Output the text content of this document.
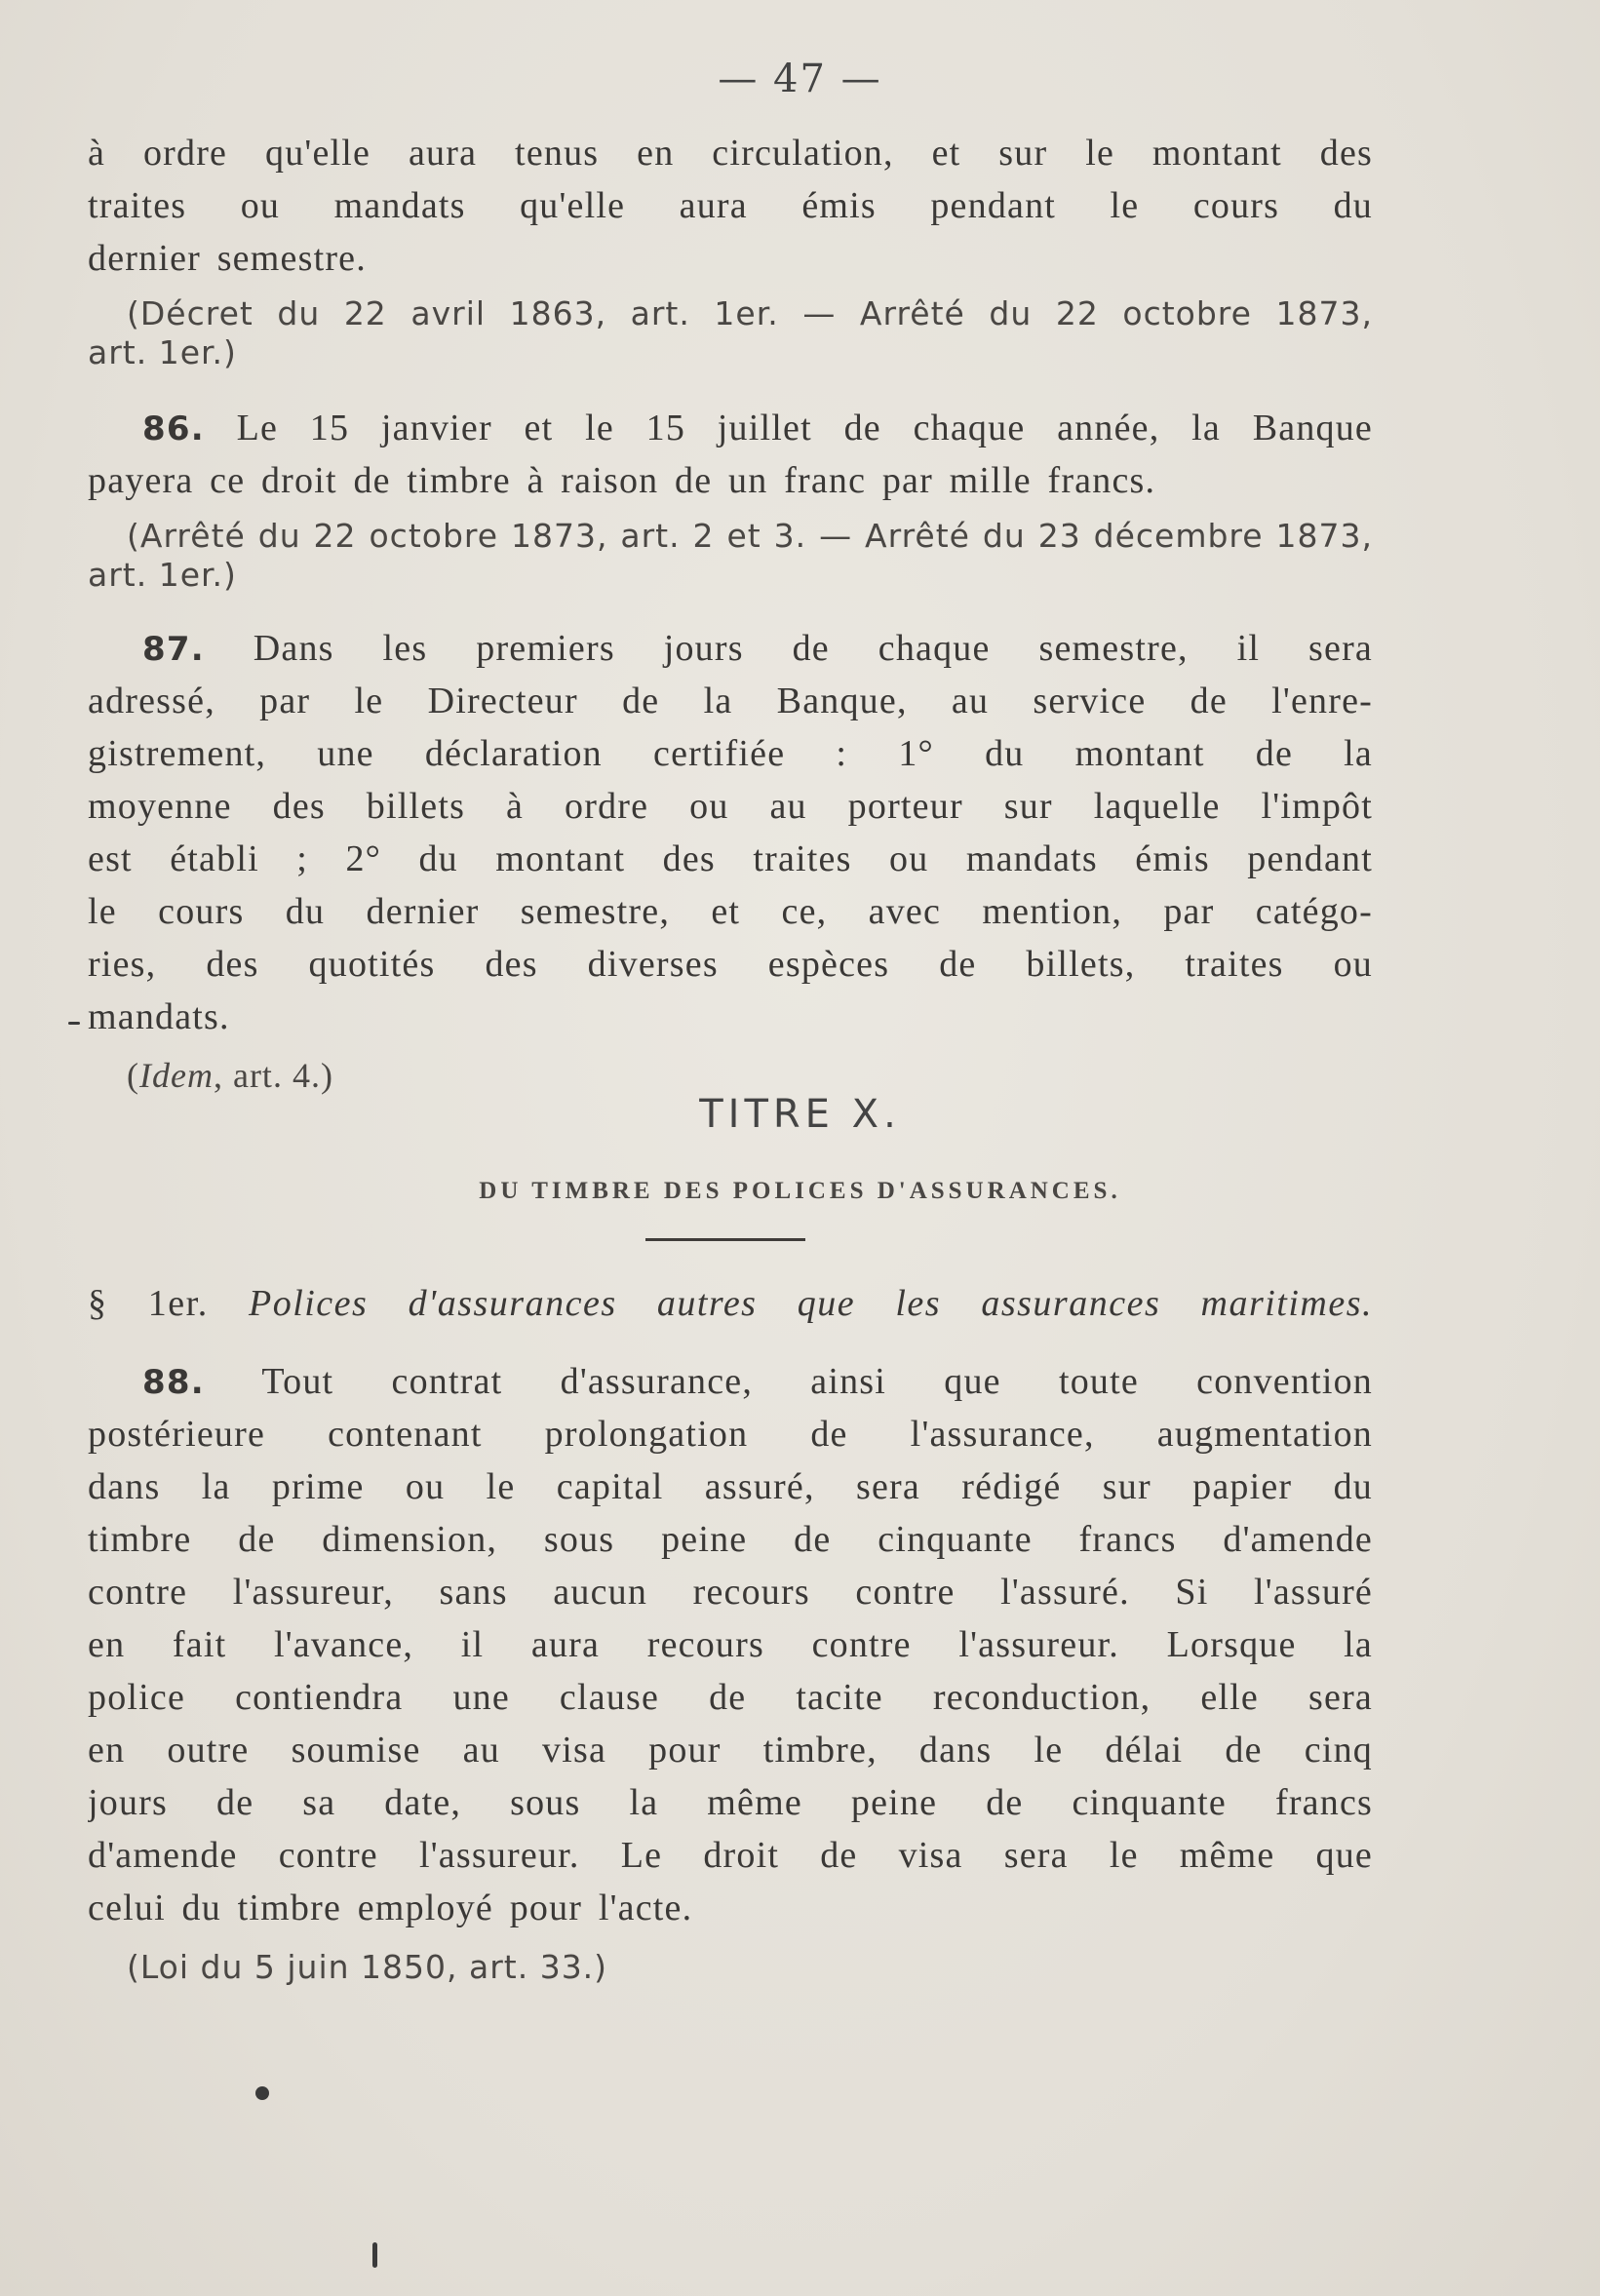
— 47 —
à ordre qu'elle aura tenus en circulation, et sur le montant des
traites ou mandats qu'elle aura émis pendant le cours du
dernier semestre.
(Décret du 22 avril 1863, art. 1er. — Arrêté du 22 octobre 1873,
art. 1er.)
86. Le 15 janvier et le 15 juillet de chaque année, la Banque
payera ce droit de timbre à raison de un franc par mille francs.
(Arrêté du 22 octobre 1873, art. 2 et 3. — Arrêté du 23 décembre 1873,
art. 1er.)
87. Dans les premiers jours de chaque semestre, il sera
adressé, par le Directeur de la Banque, au service de l'enre-
gistrement, une déclaration certifiée : 1° du montant de la
moyenne des billets à ordre ou au porteur sur laquelle l'impôt
est établi ; 2° du montant des traites ou mandats émis pendant
le cours du dernier semestre, et ce, avec mention, par catégo-
ries, des quotités des diverses espèces de billets, traites ou
mandats.
(Idem, art. 4.)
TITRE X.
DU TIMBRE DES POLICES D'ASSURANCES.
§ 1er. Polices d'assurances autres que les assurances maritimes.
88. Tout contrat d'assurance, ainsi que toute convention
postérieure contenant prolongation de l'assurance, augmentation
dans la prime ou le capital assuré, sera rédigé sur papier du
timbre de dimension, sous peine de cinquante francs d'amende
contre l'assureur, sans aucun recours contre l'assuré. Si l'assuré
en fait l'avance, il aura recours contre l'assureur. Lorsque la
police contiendra une clause de tacite reconduction, elle sera
en outre soumise au visa pour timbre, dans le délai de cinq
jours de sa date, sous la même peine de cinquante francs
d'amende contre l'assureur. Le droit de visa sera le même que
celui du timbre employé pour l'acte.
(Loi du 5 juin 1850, art. 33.)
